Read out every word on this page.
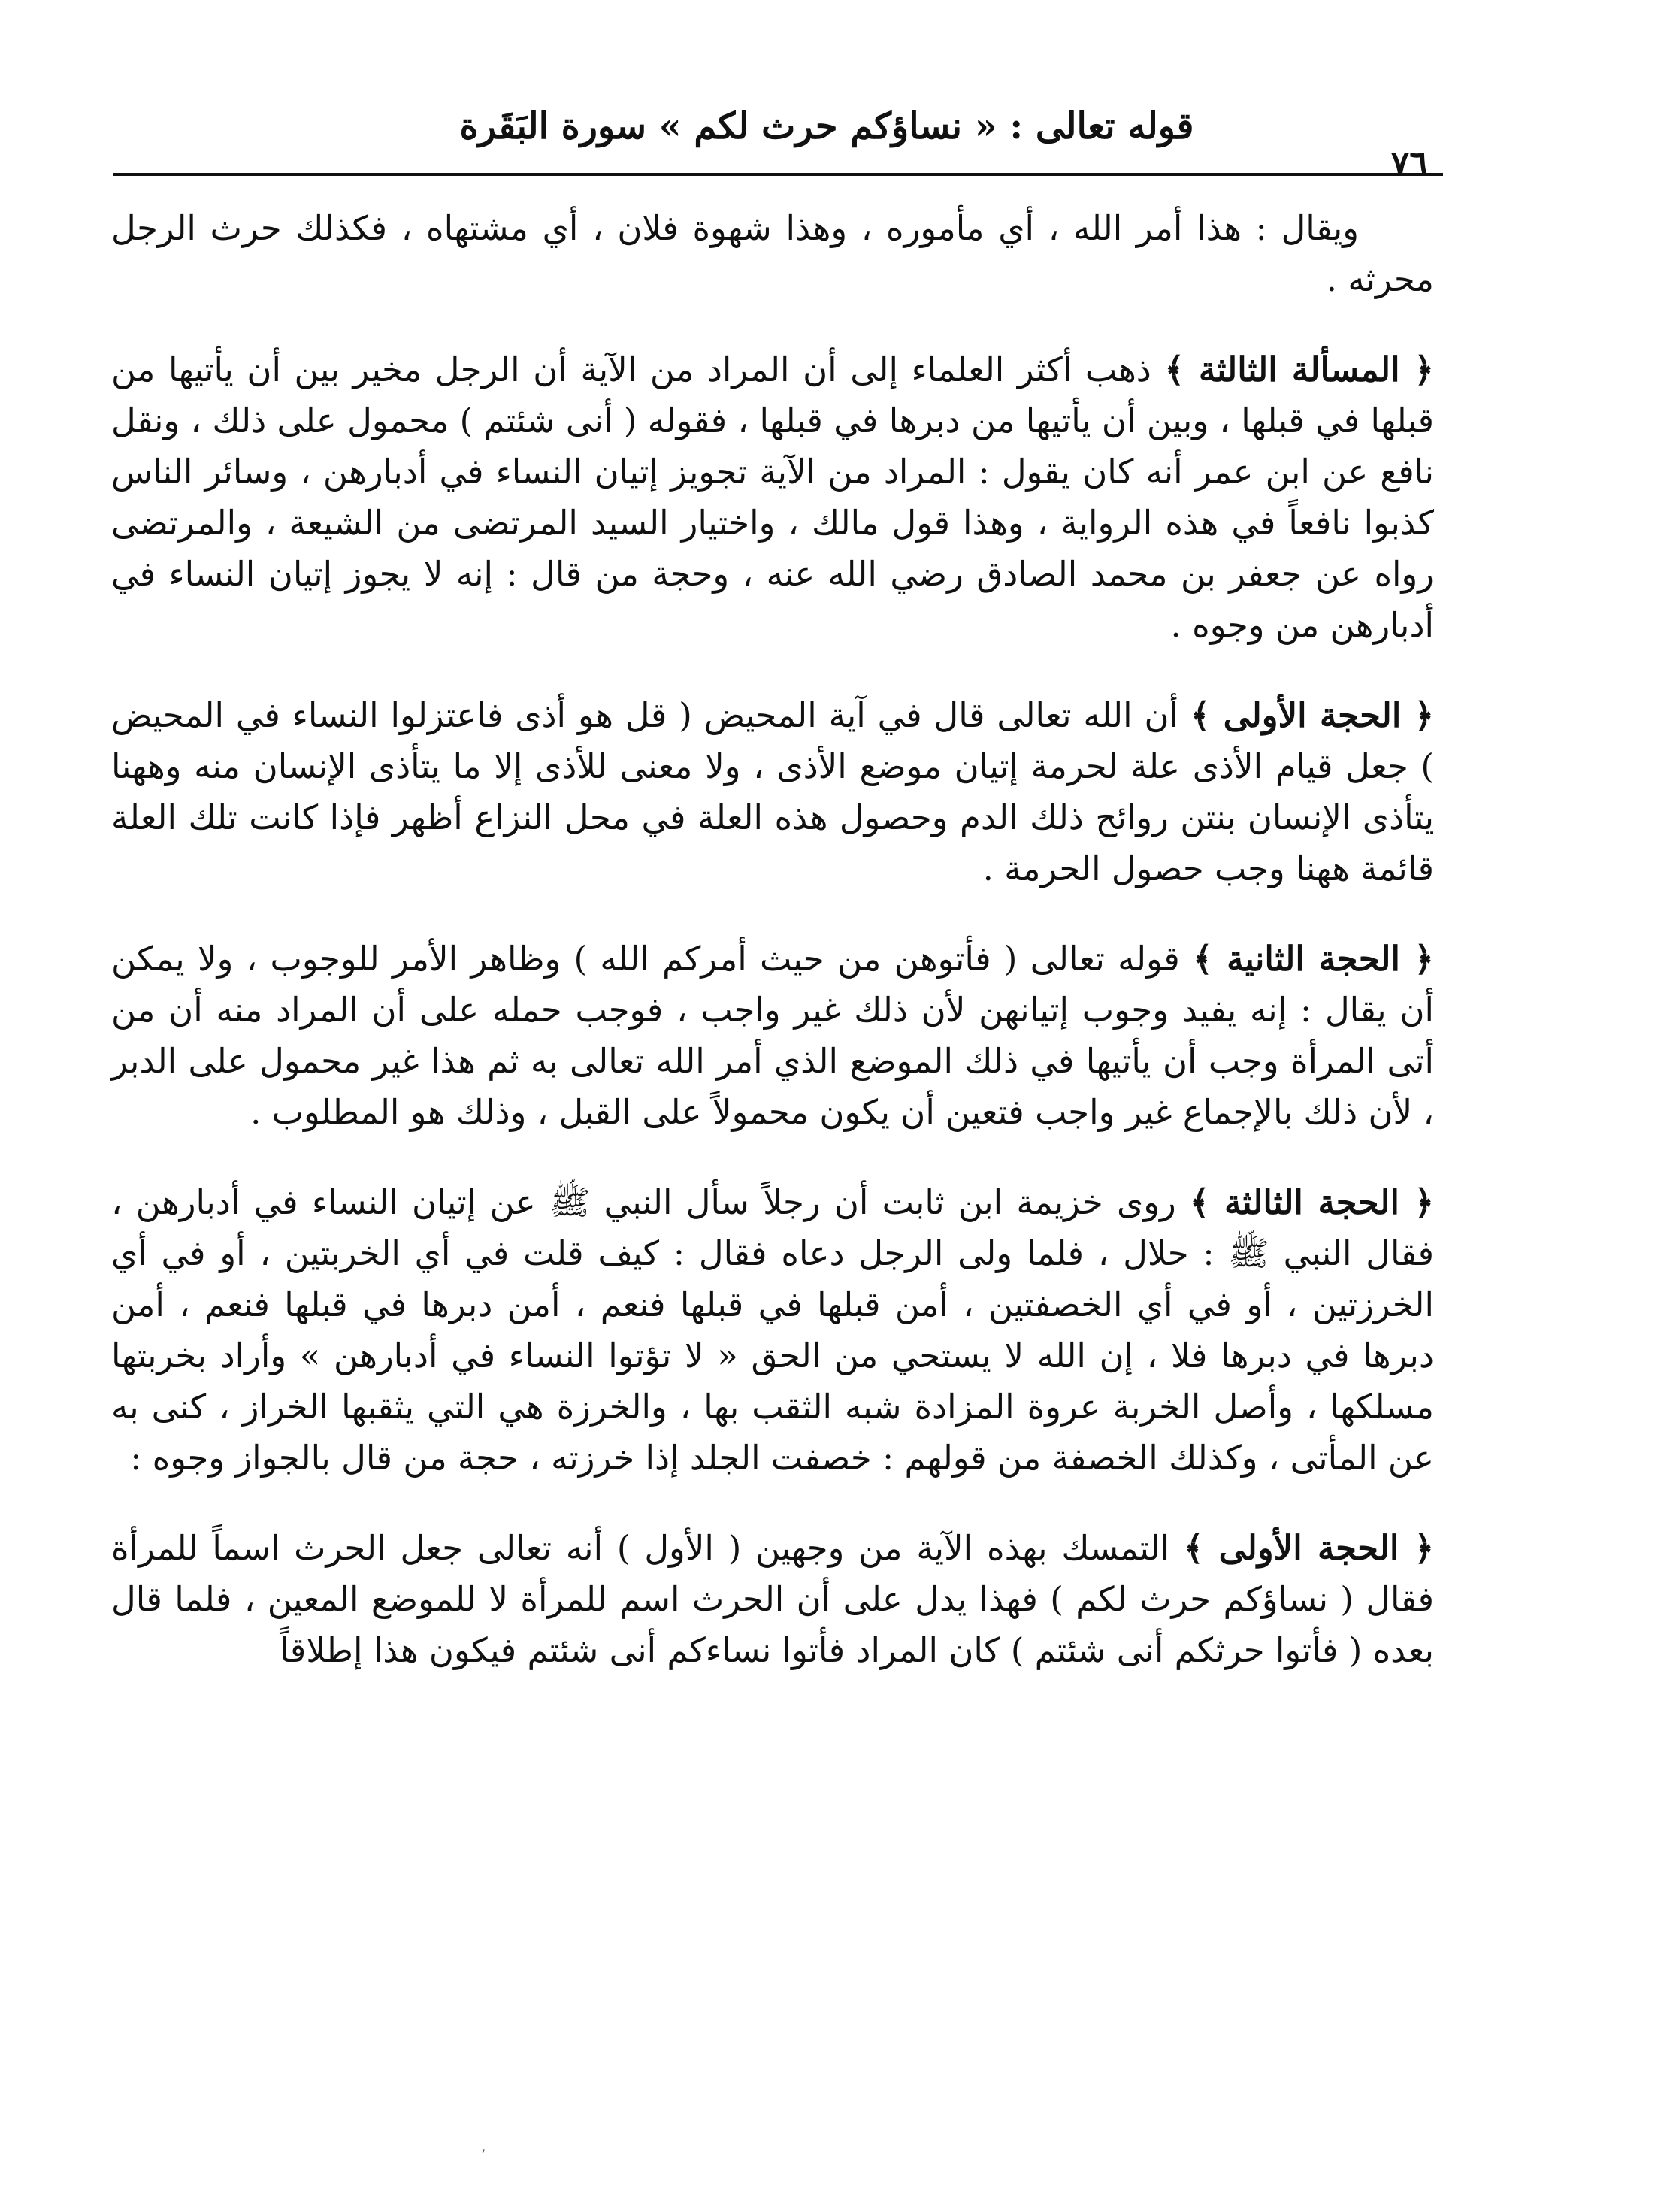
قوله تعالى : « نساؤكم حرث لكم » سورة البَقَرة
٧٦

ويقال : هذا أمر الله ، أي مأموره ، وهذا شهوة فلان ، أي مشتهاه ، فكذلك حرث الرجل محرثه .

﴿ المسألة الثالثة ﴾ ذهب أكثر العلماء إلى أن المراد من الآية أن الرجل مخير بين أن يأتيها من قبلها في قبلها ، وبين أن يأتيها من دبرها في قبلها ، فقوله ( أنى شئتم ) محمول على ذلك ، ونقل نافع عن ابن عمر أنه كان يقول : المراد من الآية تجويز إتيان النساء في أدبارهن ، وسائر الناس كذبوا نافعاً في هذه الرواية ، وهذا قول مالك ، واختيار السيد المرتضى من الشيعة ، والمرتضى رواه عن جعفر بن محمد الصادق رضي الله عنه ، وحجة من قال : إنه لا يجوز إتيان النساء في أدبارهن من وجوه .

﴿ الحجة الأولى ﴾ أن الله تعالى قال في آية المحيض ( قل هو أذى فاعتزلوا النساء في المحيض ) جعل قيام الأذى علة لحرمة إتيان موضع الأذى ، ولا معنى للأذى إلا ما يتأذى الإنسان منه وههنا يتأذى الإنسان بنتن روائح ذلك الدم وحصول هذه العلة في محل النزاع أظهر فإذا كانت تلك العلة قائمة ههنا وجب حصول الحرمة .

﴿ الحجة الثانية ﴾ قوله تعالى ( فأتوهن من حيث أمركم الله ) وظاهر الأمر للوجوب ، ولا يمكن أن يقال : إنه يفيد وجوب إتيانهن لأن ذلك غير واجب ، فوجب حمله على أن المراد منه أن من أتى المرأة وجب أن يأتيها في ذلك الموضع الذي أمر الله تعالى به ثم هذا غير محمول على الدبر ، لأن ذلك بالإجماع غير واجب فتعين أن يكون محمولاً على القبل ، وذلك هو المطلوب .

﴿ الحجة الثالثة ﴾ روى خزيمة ابن ثابت أن رجلاً سأل النبي ﷺ عن إتيان النساء في أدبارهن ، فقال النبي ﷺ : حلال ، فلما ولى الرجل دعاه فقال : كيف قلت في أي الخربتين ، أو في أي الخرزتين ، أو في أي الخصفتين ، أمن قبلها في قبلها فنعم ، أمن دبرها في قبلها فنعم ، أمن دبرها في دبرها فلا ، إن الله لا يستحي من الحق « لا تؤتوا النساء في أدبارهن » وأراد بخربتها مسلكها ، وأصل الخربة عروة المزادة شبه الثقب بها ، والخرزة هي التي يثقبها الخراز ، كنى به عن المأتى ، وكذلك الخصفة من قولهم : خصفت الجلد إذا خرزته ، حجة من قال بالجواز وجوه :

﴿ الحجة الأولى ﴾ التمسك بهذه الآية من وجهين ( الأول ) أنه تعالى جعل الحرث اسماً للمرأة فقال ( نساؤكم حرث لكم ) فهذا يدل على أن الحرث اسم للمرأة لا للموضع المعين ، فلما قال بعده ( فأتوا حرثكم أنى شئتم ) كان المراد فأتوا نساءكم أنى شئتم فيكون هذا إطلاقاً

٬
